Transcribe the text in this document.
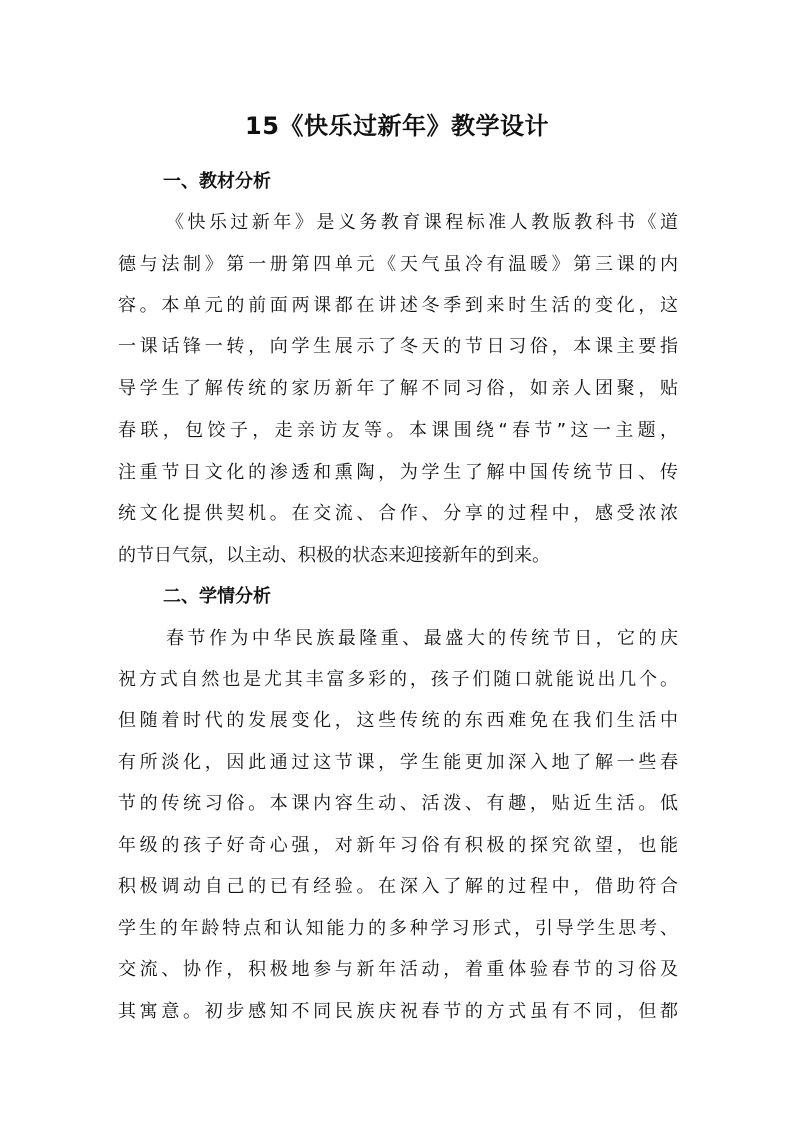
15《快乐过新年》教学设计
一、教材分析

《快乐过新年》是义务教育课程标准人教版教科书《道

德与法制》第一册第四单元《天气虽冷有温暖》第三课的内

容。本单元的前面两课都在讲述冬季到来时生活的变化，这

一课话锋一转，向学生展示了冬天的节日习俗，本课主要指

导学生了解传统的家历新年了解不同习俗，如亲人团聚，贴

春联，包饺子，走亲访友等。本课围绕“春节”这一主题，

注重节日文化的渗透和熏陶，为学生了解中国传统节日、传

统文化提供契机。在交流、合作、分享的过程中，感受浓浓

的节日气氛，以主动、积极的状态来迎接新年的到来。

二、学情分析

春节作为中华民族最隆重、最盛大的传统节日，它的庆

祝方式自然也是尤其丰富多彩的，孩子们随口就能说出几个。

但随着时代的发展变化，这些传统的东西难免在我们生活中

有所淡化，因此通过这节课，学生能更加深入地了解一些春

节的传统习俗。本课内容生动、活泼、有趣，贴近生活。低

年级的孩子好奇心强，对新年习俗有积极的探究欲望，也能

积极调动自己的已有经验。在深入了解的过程中，借助符合

学生的年龄特点和认知能力的多种学习形式，引导学生思考、

交流、协作，积极地参与新年活动，着重体验春节的习俗及

其寓意。初步感知不同民族庆祝春节的方式虽有不同，但都
